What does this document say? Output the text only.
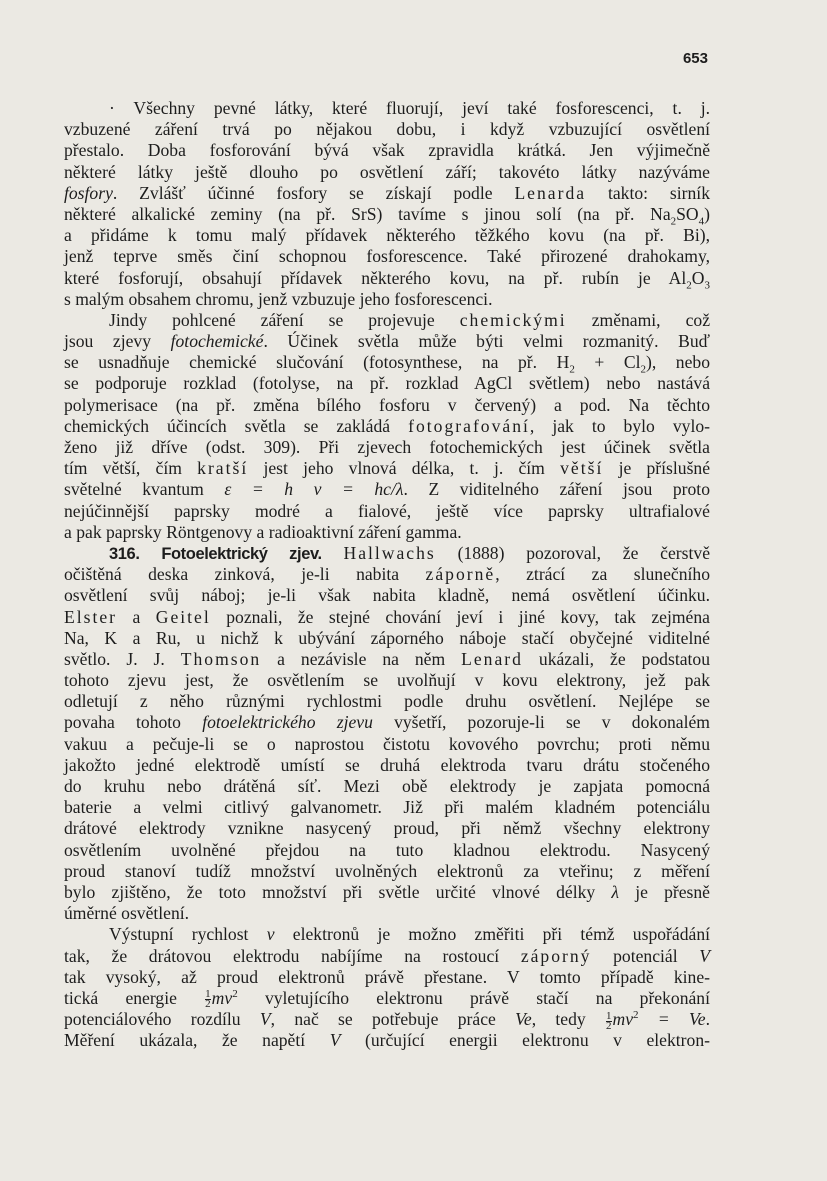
653
· Všechny pevné látky, které fluorují, jeví také fosforescenci, t. j.
vzbuzené záření trvá po nějakou dobu, i když vzbuzující osvětlení
přestalo. Doba fosforování bývá však zpravidla krátká. Jen výjimečně
některé látky ještě dlouho po osvětlení září; takovéto látky nazýváme
fosfory. Zvlášť účinné fosfory se získají podle Lenarda takto: sirník
některé alkalické zeminy (na př. SrS) tavíme s jinou solí (na př. $Na_2SO_4$)
a přidáme k tomu malý přídavek některého těžkého kovu (na př. Bi),
jenž teprve směs činí schopnou fosforescence. Také přirozené drahokamy,
které fosforují, obsahují přídavek některého kovu, na př. rubín je $Al_2O_3$
s malým obsahem chromu, jenž vzbuzuje jeho fosforescenci.
Jindy pohlcené záření se projevuje chemickými změnami, což
jsou zjevy fotochemické. Účinek světla může býti velmi rozmanitý. Buď
se usnadňuje chemické slučování (fotosynthese, na př. $H_2 + Cl_2$), nebo
se podporuje rozklad (fotolyse, na př. rozklad AgCl světlem) nebo nastává
polymerisace (na př. změna bílého fosforu v červený) a pod. Na těchto
chemických účincích světla se zakládá fotografování, jak to bylo vylo-
ženo již dříve (odst. 309). Při zjevech fotochemických jest účinek světla
tím větší, čím kratší jest jeho vlnová délka, t. j. čím větší je příslušné
světelné kvantum ε = h v = hc/λ. Z viditelného záření jsou proto
nejúčinnější paprsky modré a fialové, ještě více paprsky ultrafialové
a pak paprsky Röntgenovy a radioaktivní záření gamma.
316. Fotoelektrický zjev. Hallwachs (1888) pozoroval, že čerstvě
očištěná deska zinková, je-li nabita záporně, ztrácí za slunečního
osvětlení svůj náboj; je-li však nabita kladně, nemá osvětlení účinku.
Elster a Geitel poznali, že stejné chování jeví i jiné kovy, tak zejména
Na, K a Ru, u nichž k ubývání záporného náboje stačí obyčejné viditelné
světlo. J. J. Thomson a nezávisle na něm Lenard ukázali, že podstatou
tohoto zjevu jest, že osvětlením se uvolňují v kovu elektrony, jež pak
odletují z něho různými rychlostmi podle druhu osvětlení. Nejlépe se
povaha tohoto fotoelektrického zjevu vyšetří, pozoruje-li se v dokonalém
vakuu a pečuje-li se o naprostou čistotu kovového povrchu; proti němu
jakožto jedné elektrodě umístí se druhá elektroda tvaru drátu stočeného
do kruhu nebo drátěná síť. Mezi obě elektrody je zapjata pomocná
baterie a velmi citlivý galvanometr. Již při malém kladném potenciálu
drátové elektrody vznikne nasycený proud, při němž všechny elektrony
osvětlením uvolněné přejdou na tuto kladnou elektrodu. Nasycený
proud stanoví tudíž množství uvolněných elektronů za vteřinu; z měření
bylo zjištěno, že toto množství při světle určité vlnové délky λ je přesně
úměrné osvětlení.
Výstupní rychlost v elektronů je možno změřiti při témž uspořádání
tak, že drátovou elektrodu nabíjíme na rostoucí záporný potenciál V
tak vysoký, až proud elektronů právě přestane. V tomto případě kine-
tická energie	$\frac{1}{2} mv^2$ vyletujícího elektronu právě stačí na překonání
potenciálového rozdílu V, nač se potřebuje práce Ve, tedy $\frac{1}{2} mv^2 = Ve$.
Měření ukázala, že napětí V (určující energii elektronu v elektron-
